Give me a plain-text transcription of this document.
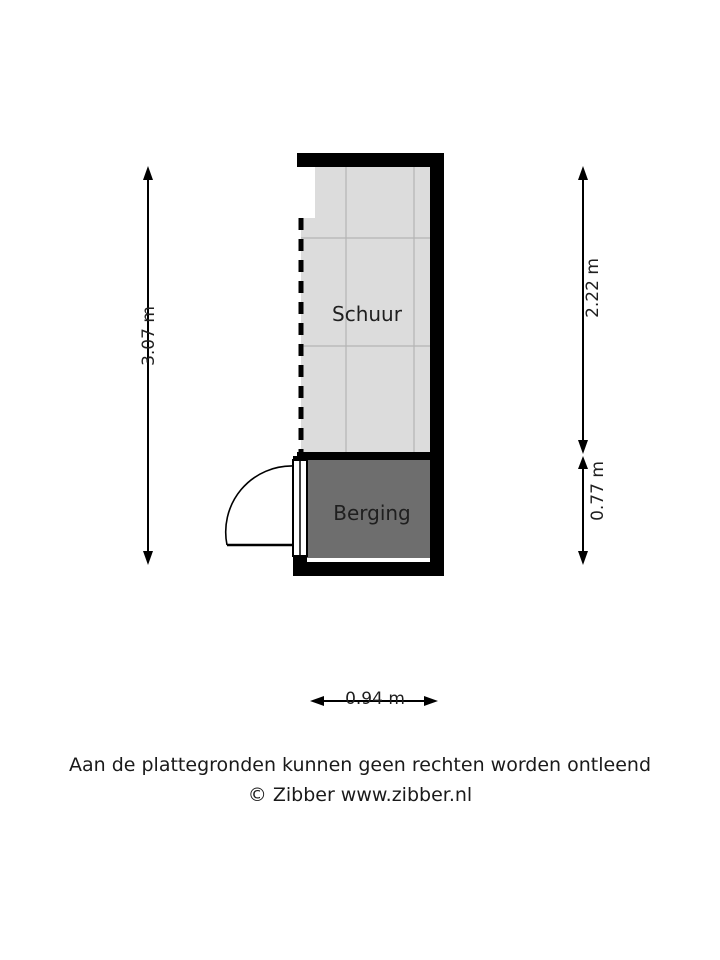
Schuur
Berging
3.07 m
2.22 m
0.77 m
0.94 m
Aan de plattegronden kunnen geen rechten worden ontleend
© Zibber www.zibber.nl
